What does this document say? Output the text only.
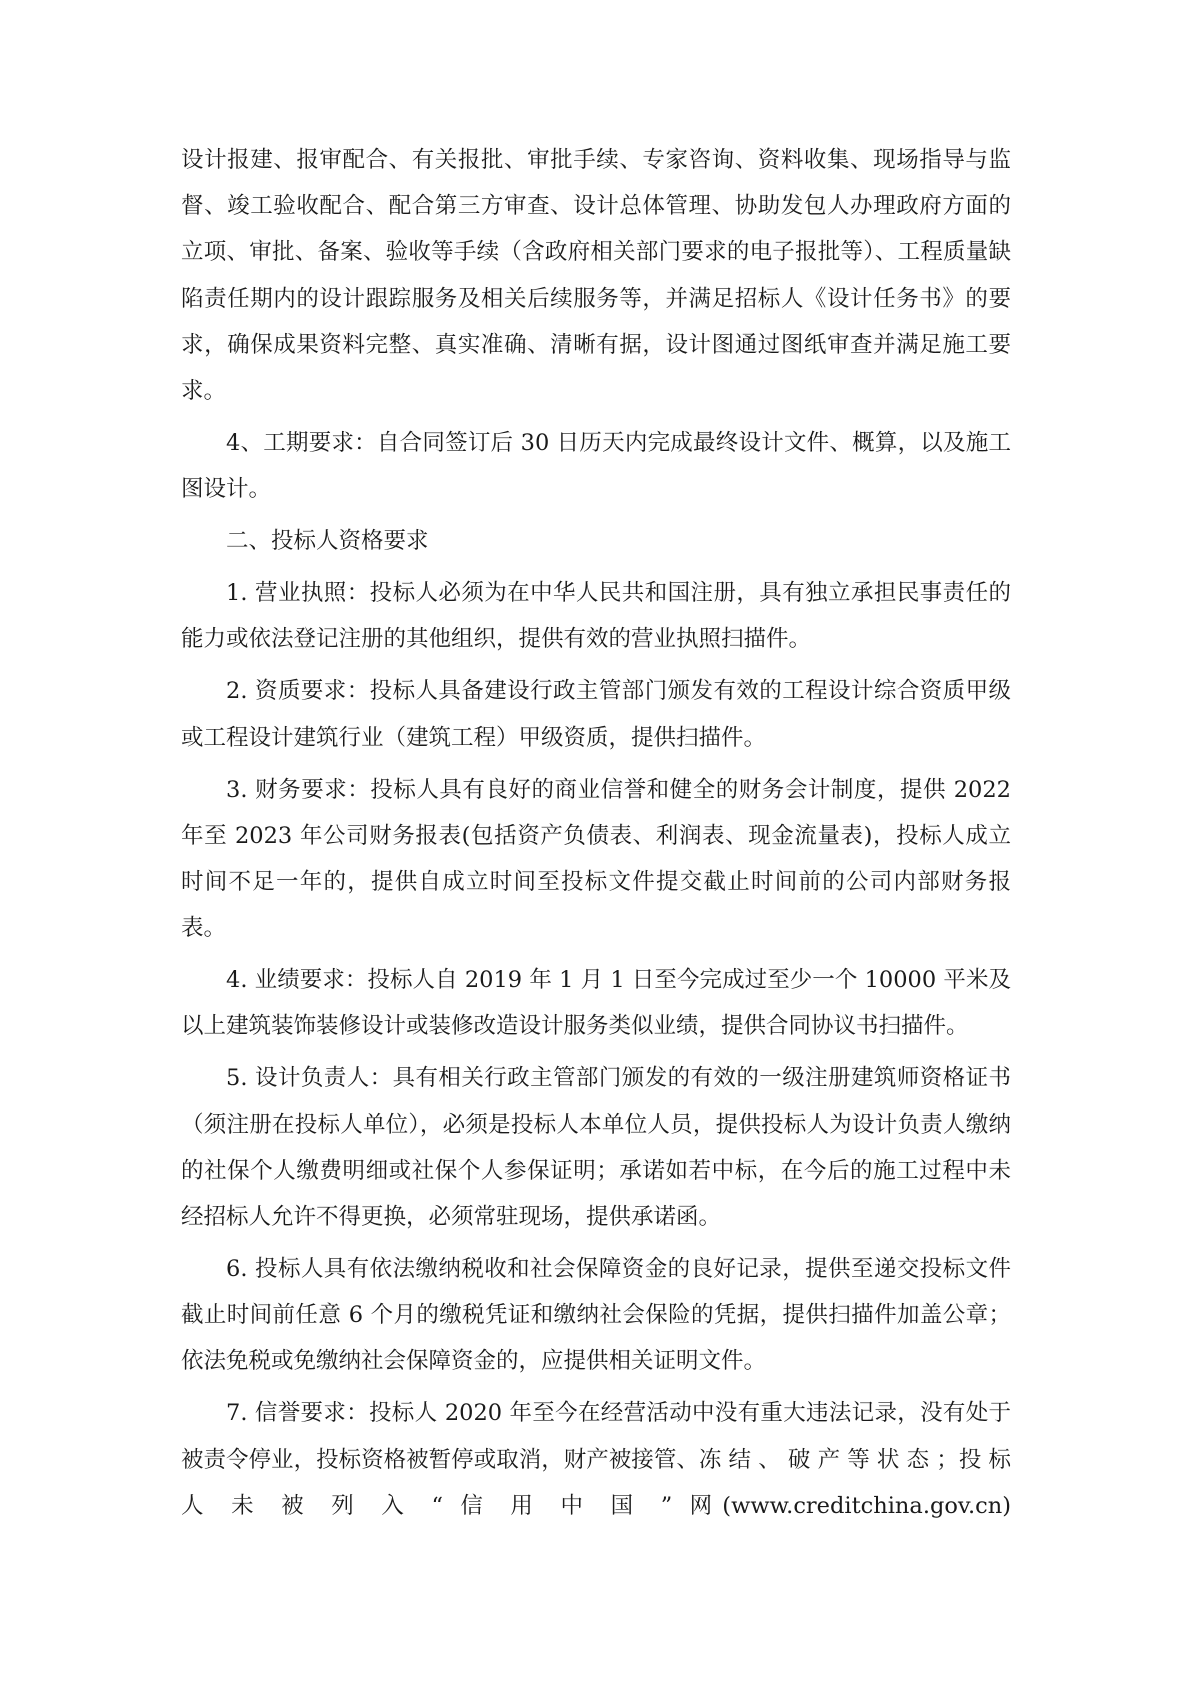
设计报建、报审配合、有关报批、审批手续、专家咨询、资料收集、现场指导与监督、竣工验收配合、配合第三方审查、设计总体管理、协助发包人办理政府方面的立项、审批、备案、验收等手续（含政府相关部门要求的电子报批等）、工程质量缺陷责任期内的设计跟踪服务及相关后续服务等，并满足招标人《设计任务书》的要求，确保成果资料完整、真实准确、清晰有据，设计图通过图纸审查并满足施工要求。

4、工期要求：自合同签订后 30 日历天内完成最终设计文件、概算，以及施工图设计。

二、投标人资格要求

1. 营业执照：投标人必须为在中华人民共和国注册，具有独立承担民事责任的能力或依法登记注册的其他组织，提供有效的营业执照扫描件。

2. 资质要求：投标人具备建设行政主管部门颁发有效的工程设计综合资质甲级或工程设计建筑行业（建筑工程）甲级资质，提供扫描件。

3. 财务要求：投标人具有良好的商业信誉和健全的财务会计制度，提供 2022 年至 2023 年公司财务报表(包括资产负债表、利润表、现金流量表)，投标人成立时间不足一年的，提供自成立时间至投标文件提交截止时间前的公司内部财务报表。

4. 业绩要求：投标人自 2019 年 1 月 1 日至今完成过至少一个 10000 平米及以上建筑装饰装修设计或装修改造设计服务类似业绩，提供合同协议书扫描件。

5. 设计负责人：具有相关行政主管部门颁发的有效的一级注册建筑师资格证书（须注册在投标人单位），必须是投标人本单位人员，提供投标人为设计负责人缴纳的社保个人缴费明细或社保个人参保证明；承诺如若中标，在今后的施工过程中未经招标人允许不得更换，必须常驻现场，提供承诺函。

6. 投标人具有依法缴纳税收和社会保障资金的良好记录，提供至递交投标文件截止时间前任意 6 个月的缴税凭证和缴纳社会保险的凭据，提供扫描件加盖公章；依法免税或免缴纳社会保障资金的，应提供相关证明文件。

7. 信誉要求：投标人 2020 年至今在经营活动中没有重大违法记录，没有处于被责令停业，投标资格被暂停或取消，财产被接管、冻 结 、 破 产 等 状 态 ；投 标 人 未 被 列 入 “ 信 用 中 国 ” 网(www.creditchina.gov.cn)
